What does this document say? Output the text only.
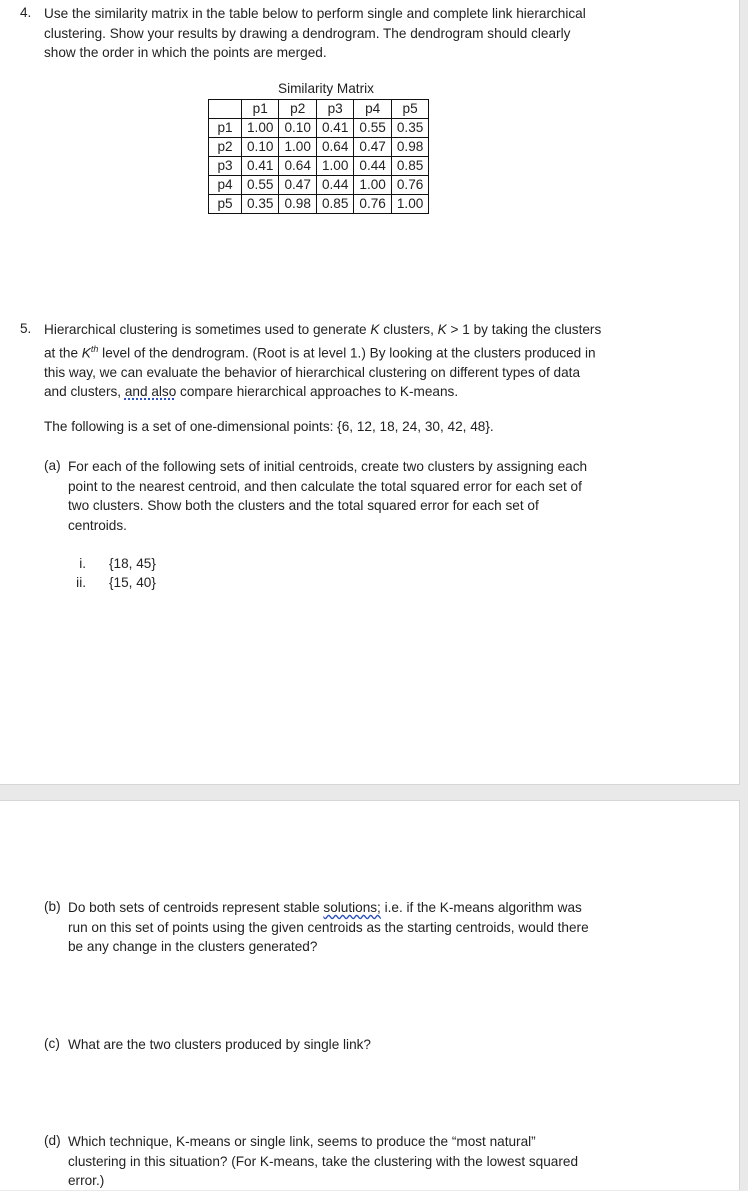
4. Use the similarity matrix in the table below to perform single and complete link hierarchical
clustering. Show your results by drawing a dendrogram. The dendrogram should clearly
show the order in which the points are merged.
Similarity Matrix
	p1	p2	p3	p4	p5
p1	1.00	0.10	0.41	0.55	0.35
p2	0.10	1.00	0.64	0.47	0.98
p3	0.41	0.64	1.00	0.44	0.85
p4	0.55	0.47	0.44	1.00	0.76
p5	0.35	0.98	0.85	0.76	1.00
5. Hierarchical clustering is sometimes used to generate K clusters, K > 1 by taking the clusters
at the $K^{th}$ level of the dendrogram. (Root is at level 1.) By looking at the clusters produced in
this way, we can evaluate the behavior of hierarchical clustering on different types of data
and clusters, and also compare hierarchical approaches to K-means.
The following is a set of one-dimensional points: {6, 12, 18, 24, 30, 42, 48}.
(a) For each of the following sets of initial centroids, create two clusters by assigning each
point to the nearest centroid, and then calculate the total squared error for each set of
two clusters. Show both the clusters and the total squared error for each set of
centroids.
i. {18, 45}
ii. {15, 40}
(b) Do both sets of centroids represent stable solutions; i.e. if the K-means algorithm was
run on this set of points using the given centroids as the starting centroids, would there
be any change in the clusters generated?
(c) What are the two clusters produced by single link?
(d) Which technique, K-means or single link, seems to produce the “most natural”
clustering in this situation? (For K-means, take the clustering with the lowest squared
error.)
